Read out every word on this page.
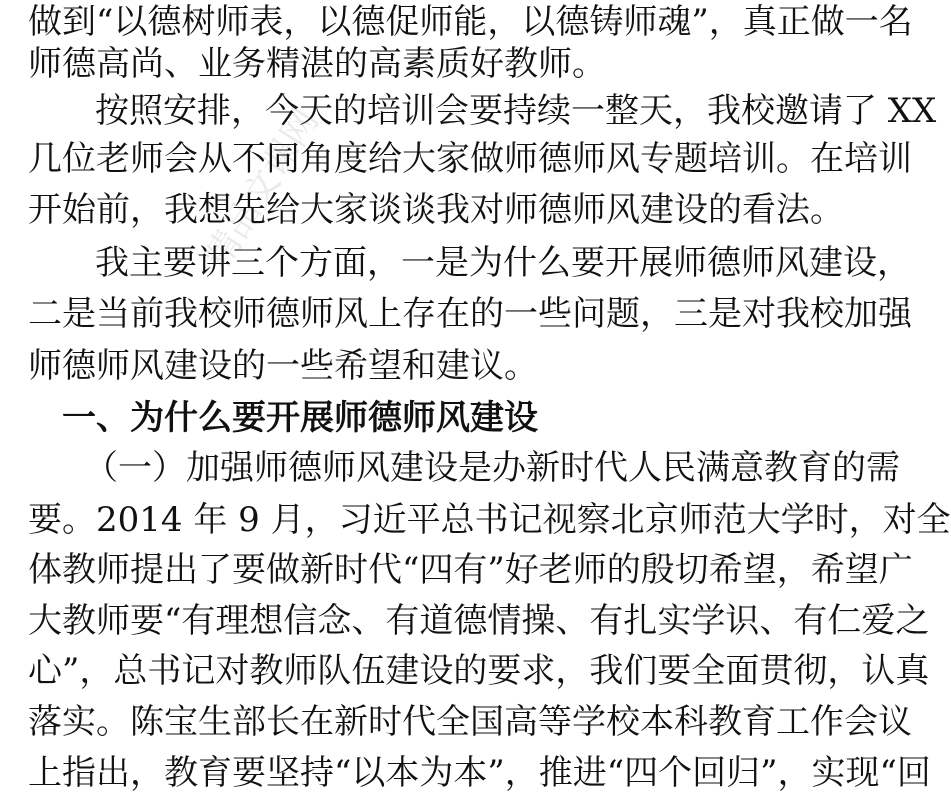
精品文课网
做到“以德树师表，以德促师能，以德铸师魂”，真正做一名
师德高尚、业务精湛的高素质好教师。
按照安排，今天的培训会要持续一整天，我校邀请了 XX
几位老师会从不同角度给大家做师德师风专题培训。在培训
开始前，我想先给大家谈谈我对师德师风建设的看法。
我主要讲三个方面，一是为什么要开展师德师风建设，
二是当前我校师德师风上存在的一些问题，三是对我校加强
师德师风建设的一些希望和建议。
一、为什么要开展师德师风建设
（一）加强师德师风建设是办新时代人民满意教育的需
要。2014 年 9 月，习近平总书记视察北京师范大学时，对全
体教师提出了要做新时代“四有”好老师的殷切希望，希望广
大教师要“有理想信念、有道德情操、有扎实学识、有仁爱之
心”，总书记对教师队伍建设的要求，我们要全面贯彻，认真
落实。陈宝生部长在新时代全国高等学校本科教育工作会议
上指出，教育要坚持“以本为本”，推进“四个回归”，实现“回
